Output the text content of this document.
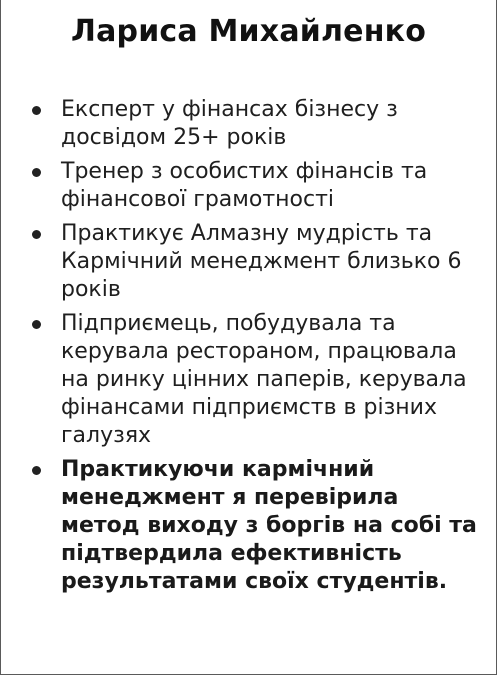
Лариса Михайленко
Експерт у фінансах бізнесу з досвідом 25+ років
Тренер з особистих фінансів та фінансової грамотності
Практикує Алмазну мудрість та Кармічний менеджмент близько 6 років
Підприємець, побудувала та керувала рестораном, працювала на ринку цінних паперів, керувала фінансами підприємств в різних галузях
Практикуючи кармічний менеджмент я перевірила метод виходу з боргів на собі та підтвердила ефективність результатами своїх студентів.
